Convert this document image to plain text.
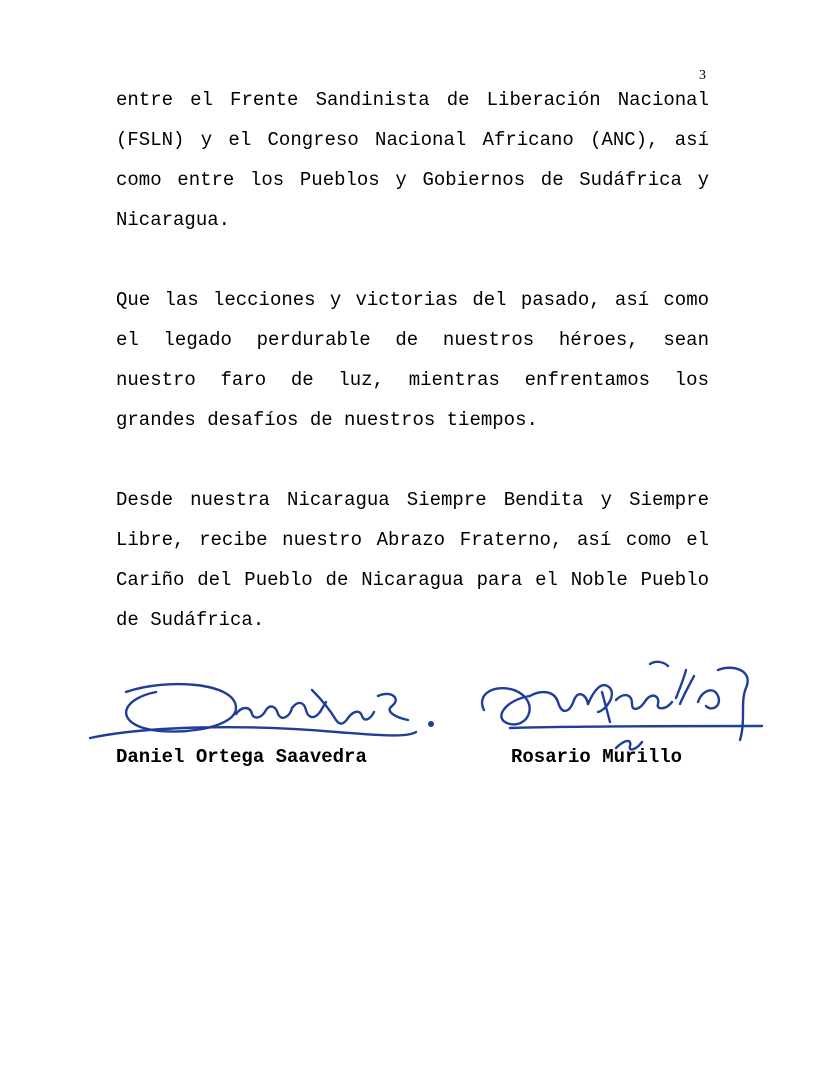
3

entre el Frente Sandinista de Liberación Nacional (FSLN) y el Congreso Nacional Africano (ANC), así como entre los Pueblos y Gobiernos de Sudáfrica y Nicaragua.

Que las lecciones y victorias del pasado, así como el legado perdurable de nuestros héroes, sean nuestro faro de luz, mientras enfrentamos los grandes desafíos de nuestros tiempos.

Desde nuestra Nicaragua Siempre Bendita y Siempre Libre, recibe nuestro Abrazo Fraterno, así como el Cariño del Pueblo de Nicaragua para el Noble Pueblo de Sudáfrica.

Daniel Ortega Saavedra	Rosario Murillo
